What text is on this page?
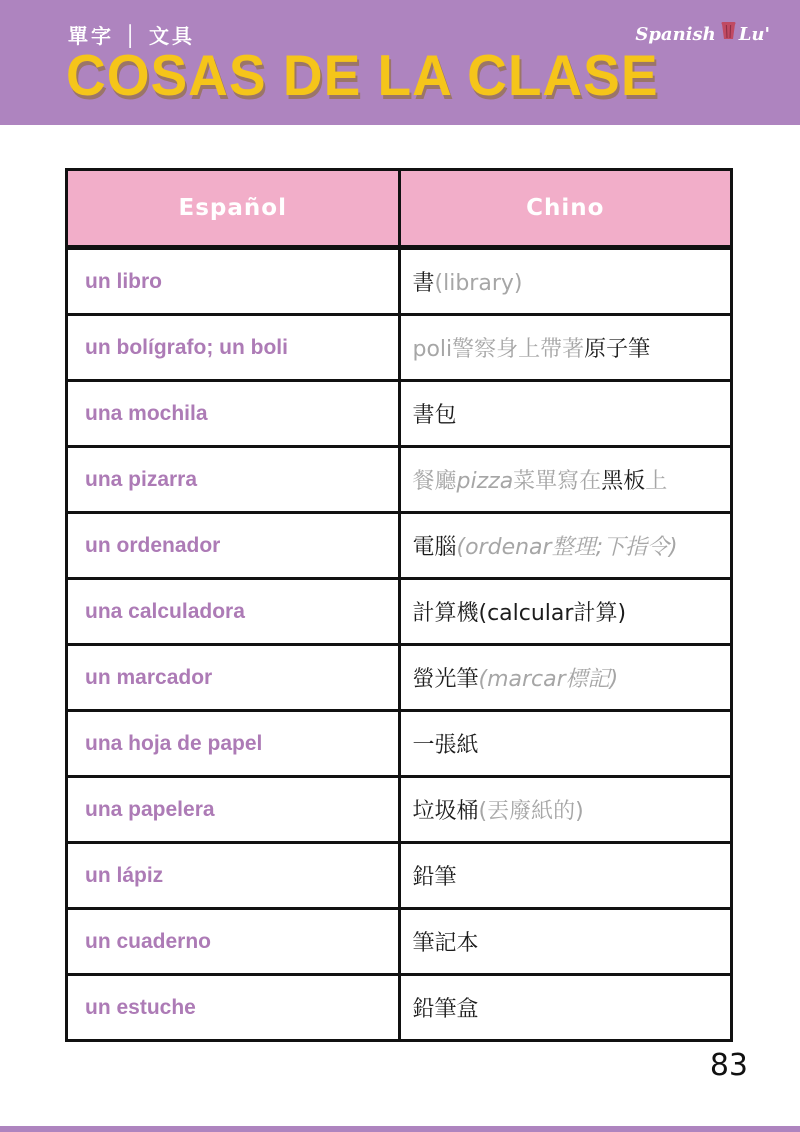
單字 │ 文具	Spanish Lu'
COSAS DE LA CLASE
Español	Chino
un libro	書(library)
un bolígrafo; un boli	poli警察身上帶著原子筆
una mochila	書包
una pizarra	餐廳pizza菜單寫在黑板上
un ordenador	電腦(ordenar整理;下指令)
una calculadora	計算機(calcular計算)
un marcador	螢光筆(marcar標記)
una hoja de papel	一張紙
una papelera	垃圾桶(丟廢紙的)
un lápiz	鉛筆
un cuaderno	筆記本
un estuche	鉛筆盒
83
